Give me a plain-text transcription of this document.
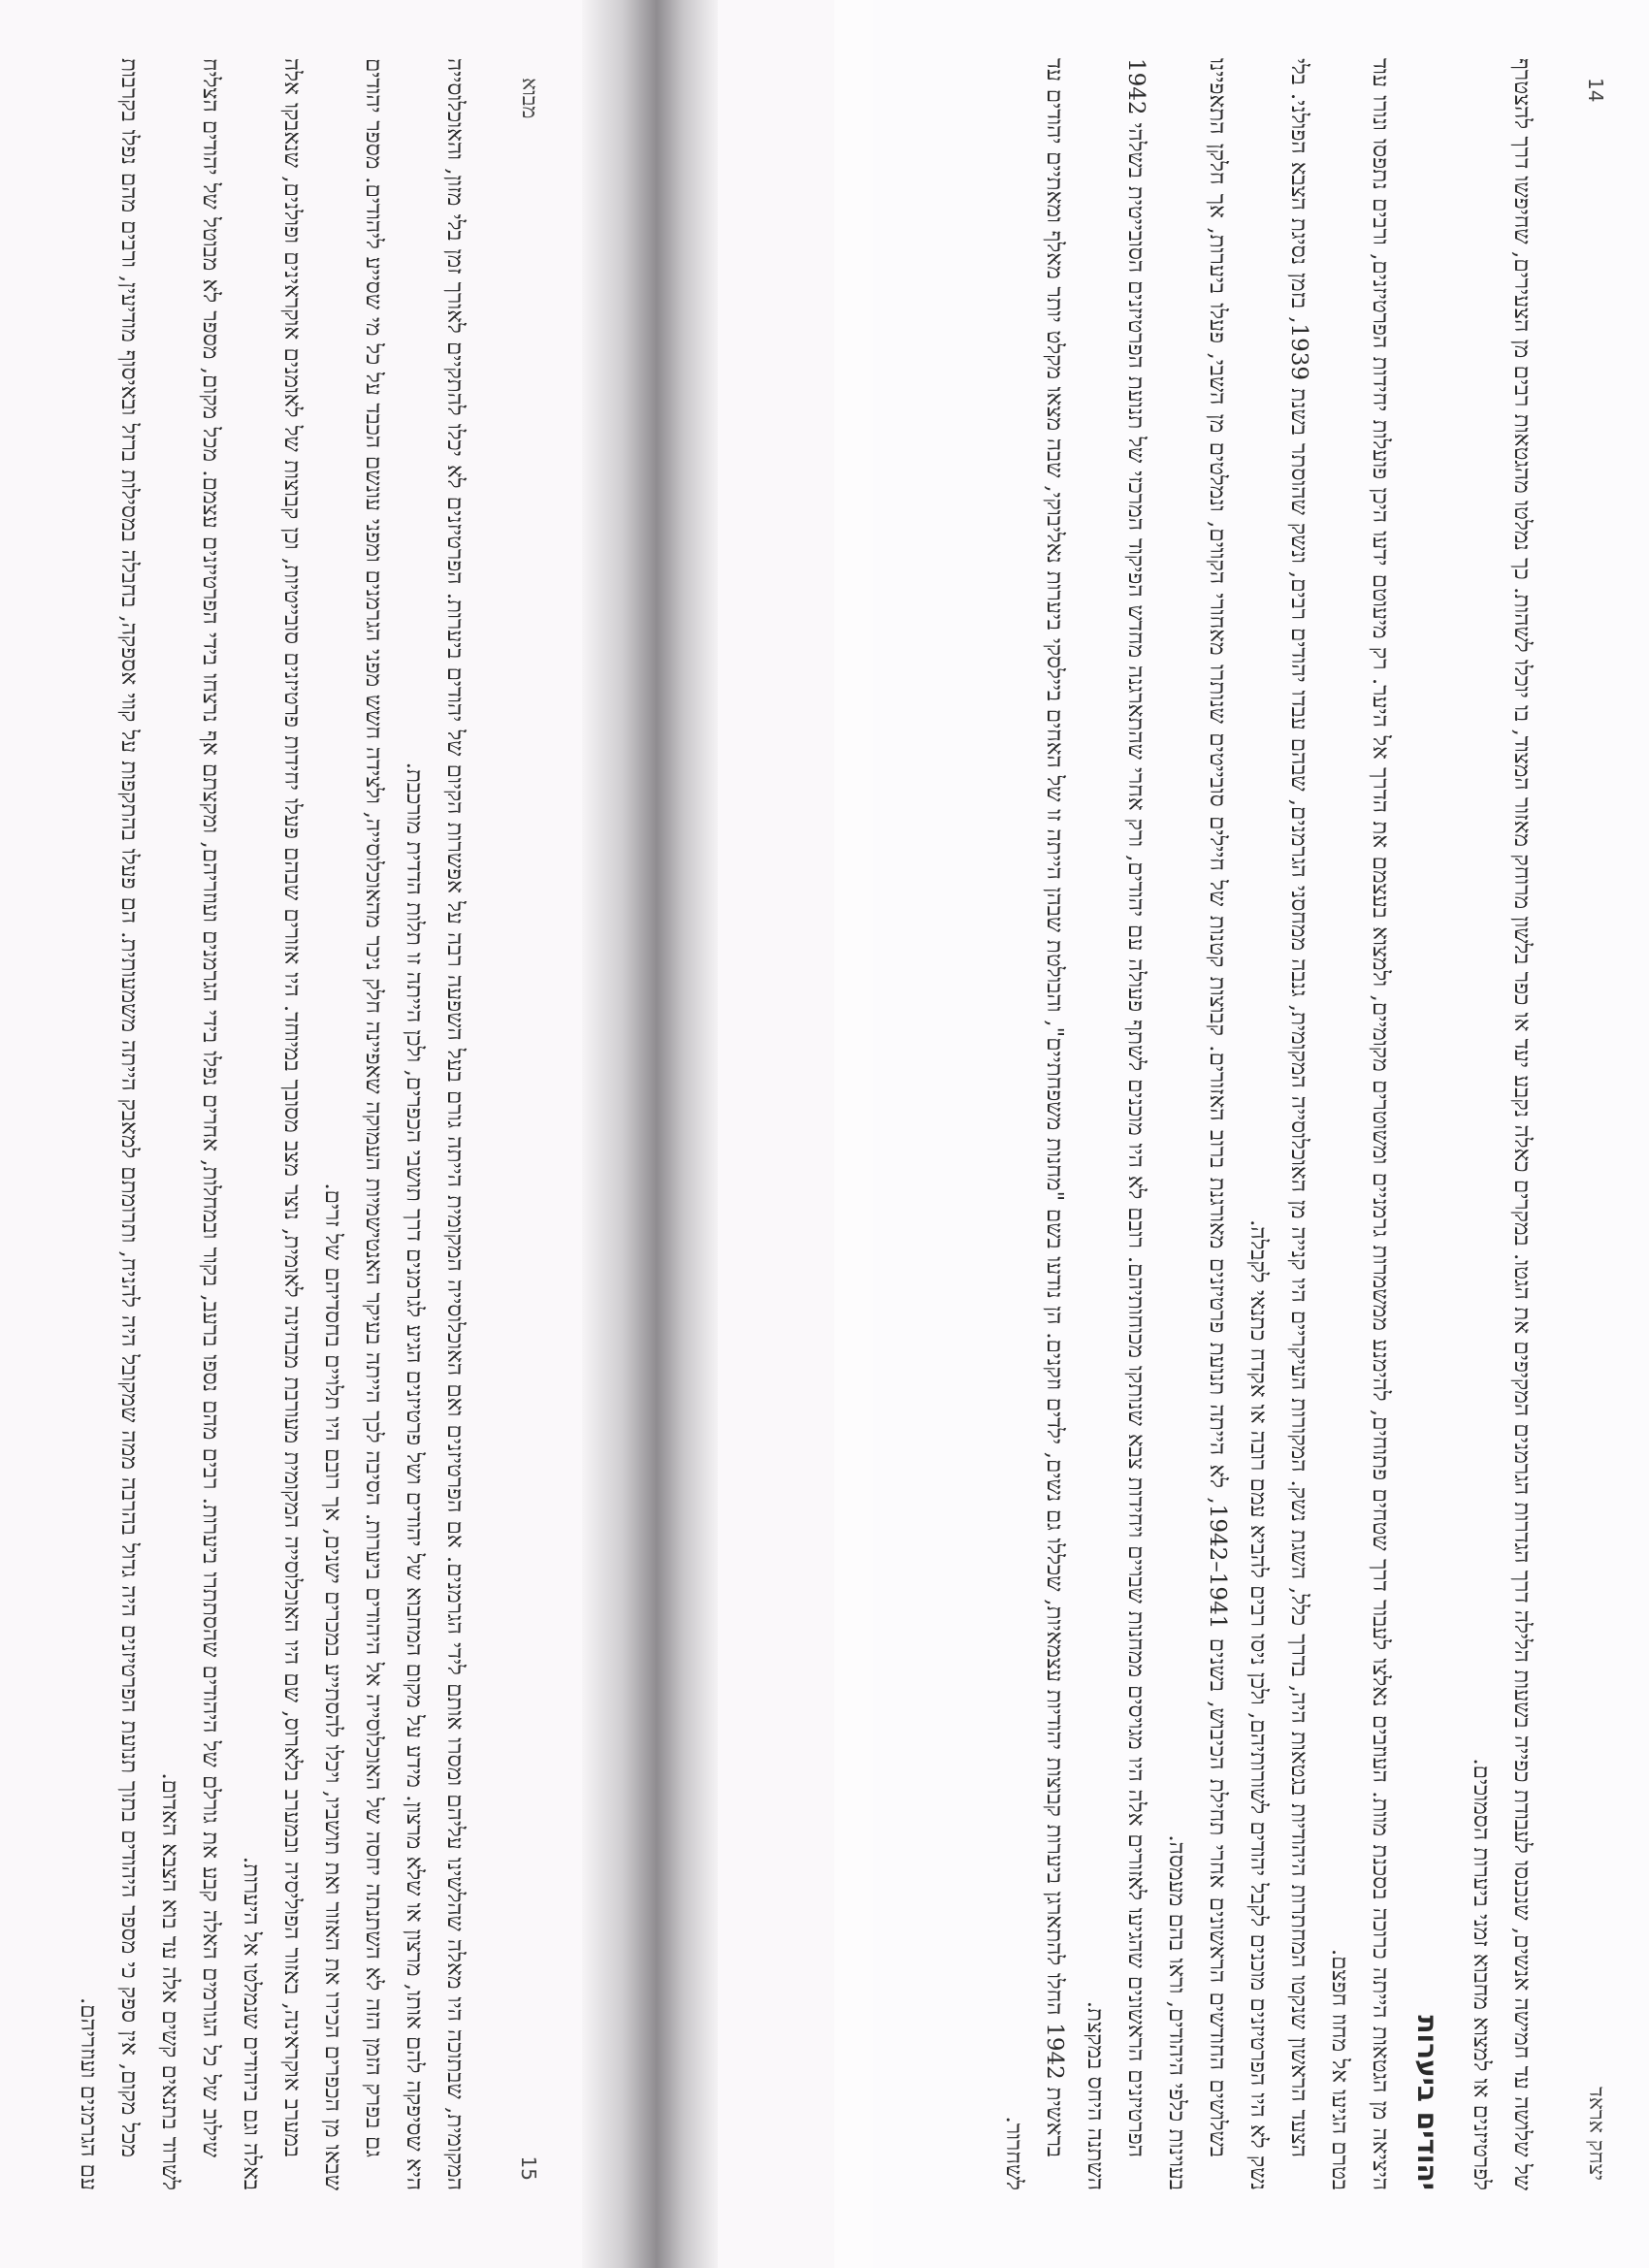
15
מבוא

המקומית, שבתוכה היו מאלה שהלשינו עליהם ומסרו אותם לידי הגרמנים. אם הפרטיזנים ואם האוכלוסייה המקומית הייתה גורם בעל השפעה רבה על אפשרות הקיום של יהודים ביערות. הפרטיזנים לא יכלו להתקיים לאורך זמן בלי מזון, והאוכלוסייה היא שסיפקה להם אותו, מרצון או שלא מרצון. מידע על מקום המחבוא של יהודים ושל פרטיזנים הגיע לגרמנים דרך תושבי הכפרים, ולכן הייתה זו תלות הדדית מורכבת.

גם בפרק הזמן הזה לא השתנתה יחסה של האוכלוסייה אל היהודים ביערות. הסיבה לכך הייתה בעיקר האנטישמיות העמוקה שאפיינה חלק ניכר מהאוכלוסייה, ולצידה חשש מפני הגרמנים ומפני עונשם הכבד על כל מי שסייע ליהודים. מספר יהודים שבאו מן הכפרים הכירו את האזור ואת תושביו, ויכלו להסתייע במכרים ישנים, אך רובם היו תלויים בחסדיהם של זרים.

במערב אוקראינה, באזור הפוליסיה ובמערב בלארוס, שם היו האוכלוסייה המקומית מעורבת מבחינה לאומית, נוצר מצב מסובך במיוחד. היו אזורים שבהם פעלו יחידות פרטיזנים סובייטיות, וכן קבוצות של לאומנים אוקראינים ופולנים, שנאבקו אלה באלה וגם ביהודים שנמלטו אל היערות.

שילוב של כל הגורמים האלה קבע את גורלם של היהודים שהסתתרו ביערות. רבים מהם נספו ברעב, בקור ובמחלות, אחרים נפלו בידי הגרמנים ועוזריהם, ומקצתם אף נרצחו בידי הפרטיזנים עצמם. מכל מקום, מספר לא מבוטל של יהודים הצליח לשרוד בתנאים קשים אלה עד בוא הצבא האדום.

מכל מקום, אין ספק כי מספר היהודים בתוך תנועת הפרטיזנים היה גדול בהרבה ממה שמקובל היה להניח, ותרומתם למאבק הייתה משמעותית. הם פעלו בהתקפות על קווי אספקה, בחבלה במסילות ברזל ובאיסוף מודיעין, ורבים מהם נפלו בקרבות עם הגרמנים ועוזריהם.	יצחק אראד
14

של שלושה עד חמישה אנשים, שנכנסו לעבודת כפייה בשעות הלילה דרך הגדרות הגרמנים המקיפים את הגטו. במקרים כאלה נקבע יעד או כפר בלשון מרוחק מאזור המצוד, בו יוכלו לשהות. כך נמלטו מהגטאות רבים מן הצעירים, שחיפשו דרך להצטרף לפרטיזנים או למצוא מחבוא זמני ביערות הסמוכים.

יהודים ביערות

היציאה מן הגטאות הייתה כרוכה בסכנת מוות. העוזבים נאלצו לעבור דרך שטחים פתוחים, להימנע ממשמרות גרמניים ומשוטרים מקומיים, ולמצוא בעצמם את הדרך אל היער. רק מיעוטם ידעו היכן פועלות יחידות הפרטיזנים, ורבים נתפסו ונורו עוד בטרם הגיעו אל מחוז חפצם.

הצעד הראשון שנקטו המחתרות היהודיות בגטאות היה, בדרך כלל, השגת נשק. המקורות העיקריים היו קנייה מן האוכלוסייה המקומית, גנבה ממחסני הגרמנים, שבהם עבדו יהודים רבים, ונשק שהוסתר בשנת 1939, בזמן נסיגת הצבא הפולני. בלי נשק לא היו הפרטיזנים מוכנים לקבל יהודים לשורותיהם, ולכן ניסו רבים להביא עמם רובה או אקדח כתנאי לקבלה.

בשלושים החודשים הראשונים אחרי תחילת הכיבוש, בשנים 1941–1942, לא הייתה תנועת פרטיזנים מאורגנת ברוב האזורים. קבוצות קטנות של חיילים סובייטים שנותרו מאחורי הקווים, ונמלטים מן השבי, פעלו ביערות, אך חלקן התאפיינו בעוינות כלפי היהודים, וראו בהם מעמסה.

הפרטיזנים הראשונים שהגיעו לאזורים אלה היו מגויסים ממחנות שבויים ויחידות צבא שנותקו מכוחותיהם. רובם לא היו מוכנים לשתף פעולה עם יהודים, ורק אחרי שהתארגנה מחדש הפיקוד המרכזי של תנועת הפרטיזנים הסובייטית בשלהי 1942 השתנה היחס במקצת.

בראשית 1942 החלו להתארגן ביערות קבוצות יהודיות עצמאיות, שכללו גם נשים, ילדים וזקנים. הן נודעו בשם "מחנות משפחתיים", והבולטת שבהן הייתה זו של האחים ביילסקי ביערות נאליבוקי, שבה מצאו מקלט יותר מאלף ומאתיים יהודים עד לשחרור.
